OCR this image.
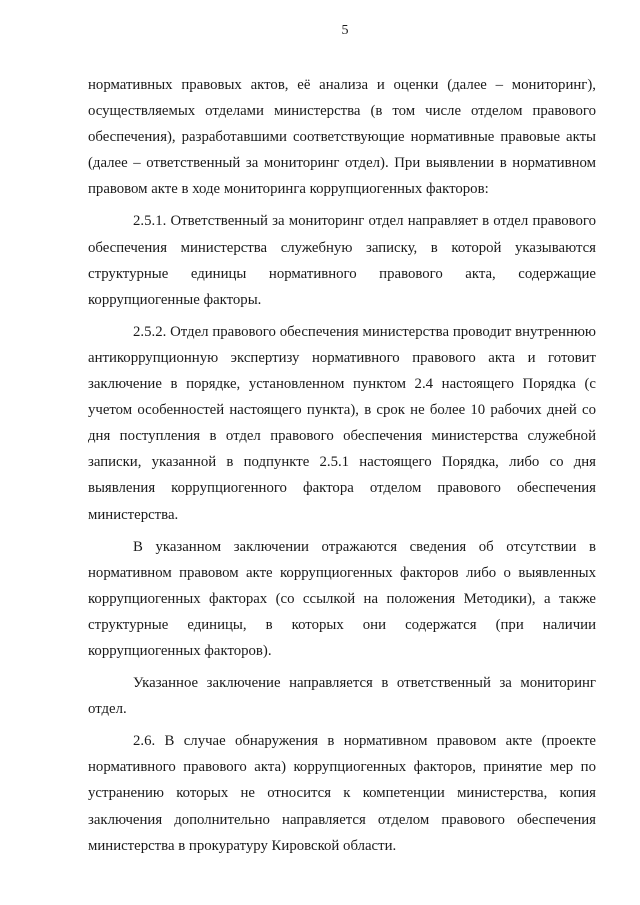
5

нормативных правовых актов, её анализа и оценки (далее – мониторинг), осуществляемых отделами министерства (в том числе отделом правового обеспечения), разработавшими соответствующие нормативные правовые акты (далее – ответственный за мониторинг отдел). При выявлении в нормативном правовом акте в ходе мониторинга коррупциогенных факторов:

2.5.1. Ответственный за мониторинг отдел направляет в отдел правового обеспечения министерства служебную записку, в которой указываются структурные единицы нормативного правового акта, содержащие коррупциогенные факторы.

2.5.2. Отдел правового обеспечения министерства проводит внутреннюю антикоррупционную экспертизу нормативного правового акта и готовит заключение в порядке, установленном пунктом 2.4 настоящего Порядка (с учетом особенностей настоящего пункта), в срок не более 10 рабочих дней со дня поступления в отдел правового обеспечения министерства служебной записки, указанной в подпункте 2.5.1 настоящего Порядка, либо со дня выявления коррупциогенного фактора отделом правового обеспечения министерства.

В указанном заключении отражаются сведения об отсутствии в нормативном правовом акте коррупциогенных факторов либо о выявленных коррупциогенных факторах (со ссылкой на положения Методики), а также структурные единицы, в которых они содержатся (при наличии коррупциогенных факторов).

Указанное заключение направляется в ответственный за мониторинг отдел.

2.6. В случае обнаружения в нормативном правовом акте (проекте нормативного правового акта) коррупциогенных факторов, принятие мер по устранению которых не относится к компетенции министерства, копия заключения дополнительно направляется отделом правового обеспечения министерства в прокуратуру Кировской области.
